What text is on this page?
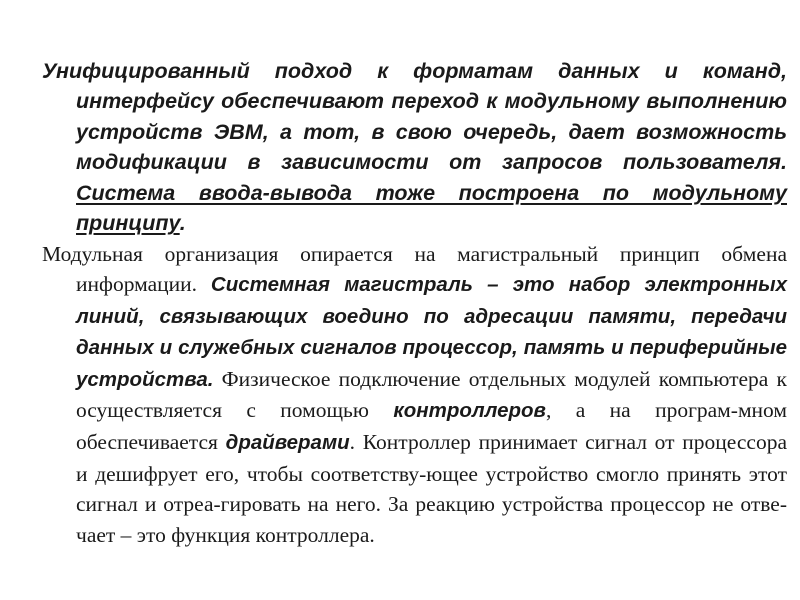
Унифицированный подход к форматам данных и команд, интерфейсу обеспечивают переход к модульному выполнению устройств ЭВМ, а тот, в свою очередь, дает возможность модификации в зависимости от запросов пользователя. Система ввода-вывода тоже построена по модульному принципу.

Модульная организация опирается на магистральный принцип обмена информации. Системная магистраль – это набор электронных линий, связывающих воедино по адресации памяти, передачи данных и служебных сигналов процессор, память и периферийные устройства. Физическое подключение отдельных модулей компьютера к осуществляется с помощью контроллеров, а на програм-мном обеспечивается драйверами. Контроллер принимает сигнал от процессора и дешифрует его, чтобы соответству-ющее устройство смогло принять этот сигнал и отреа-гировать на него. За реакцию устройства процессор не отве-чает – это функция контроллера.
